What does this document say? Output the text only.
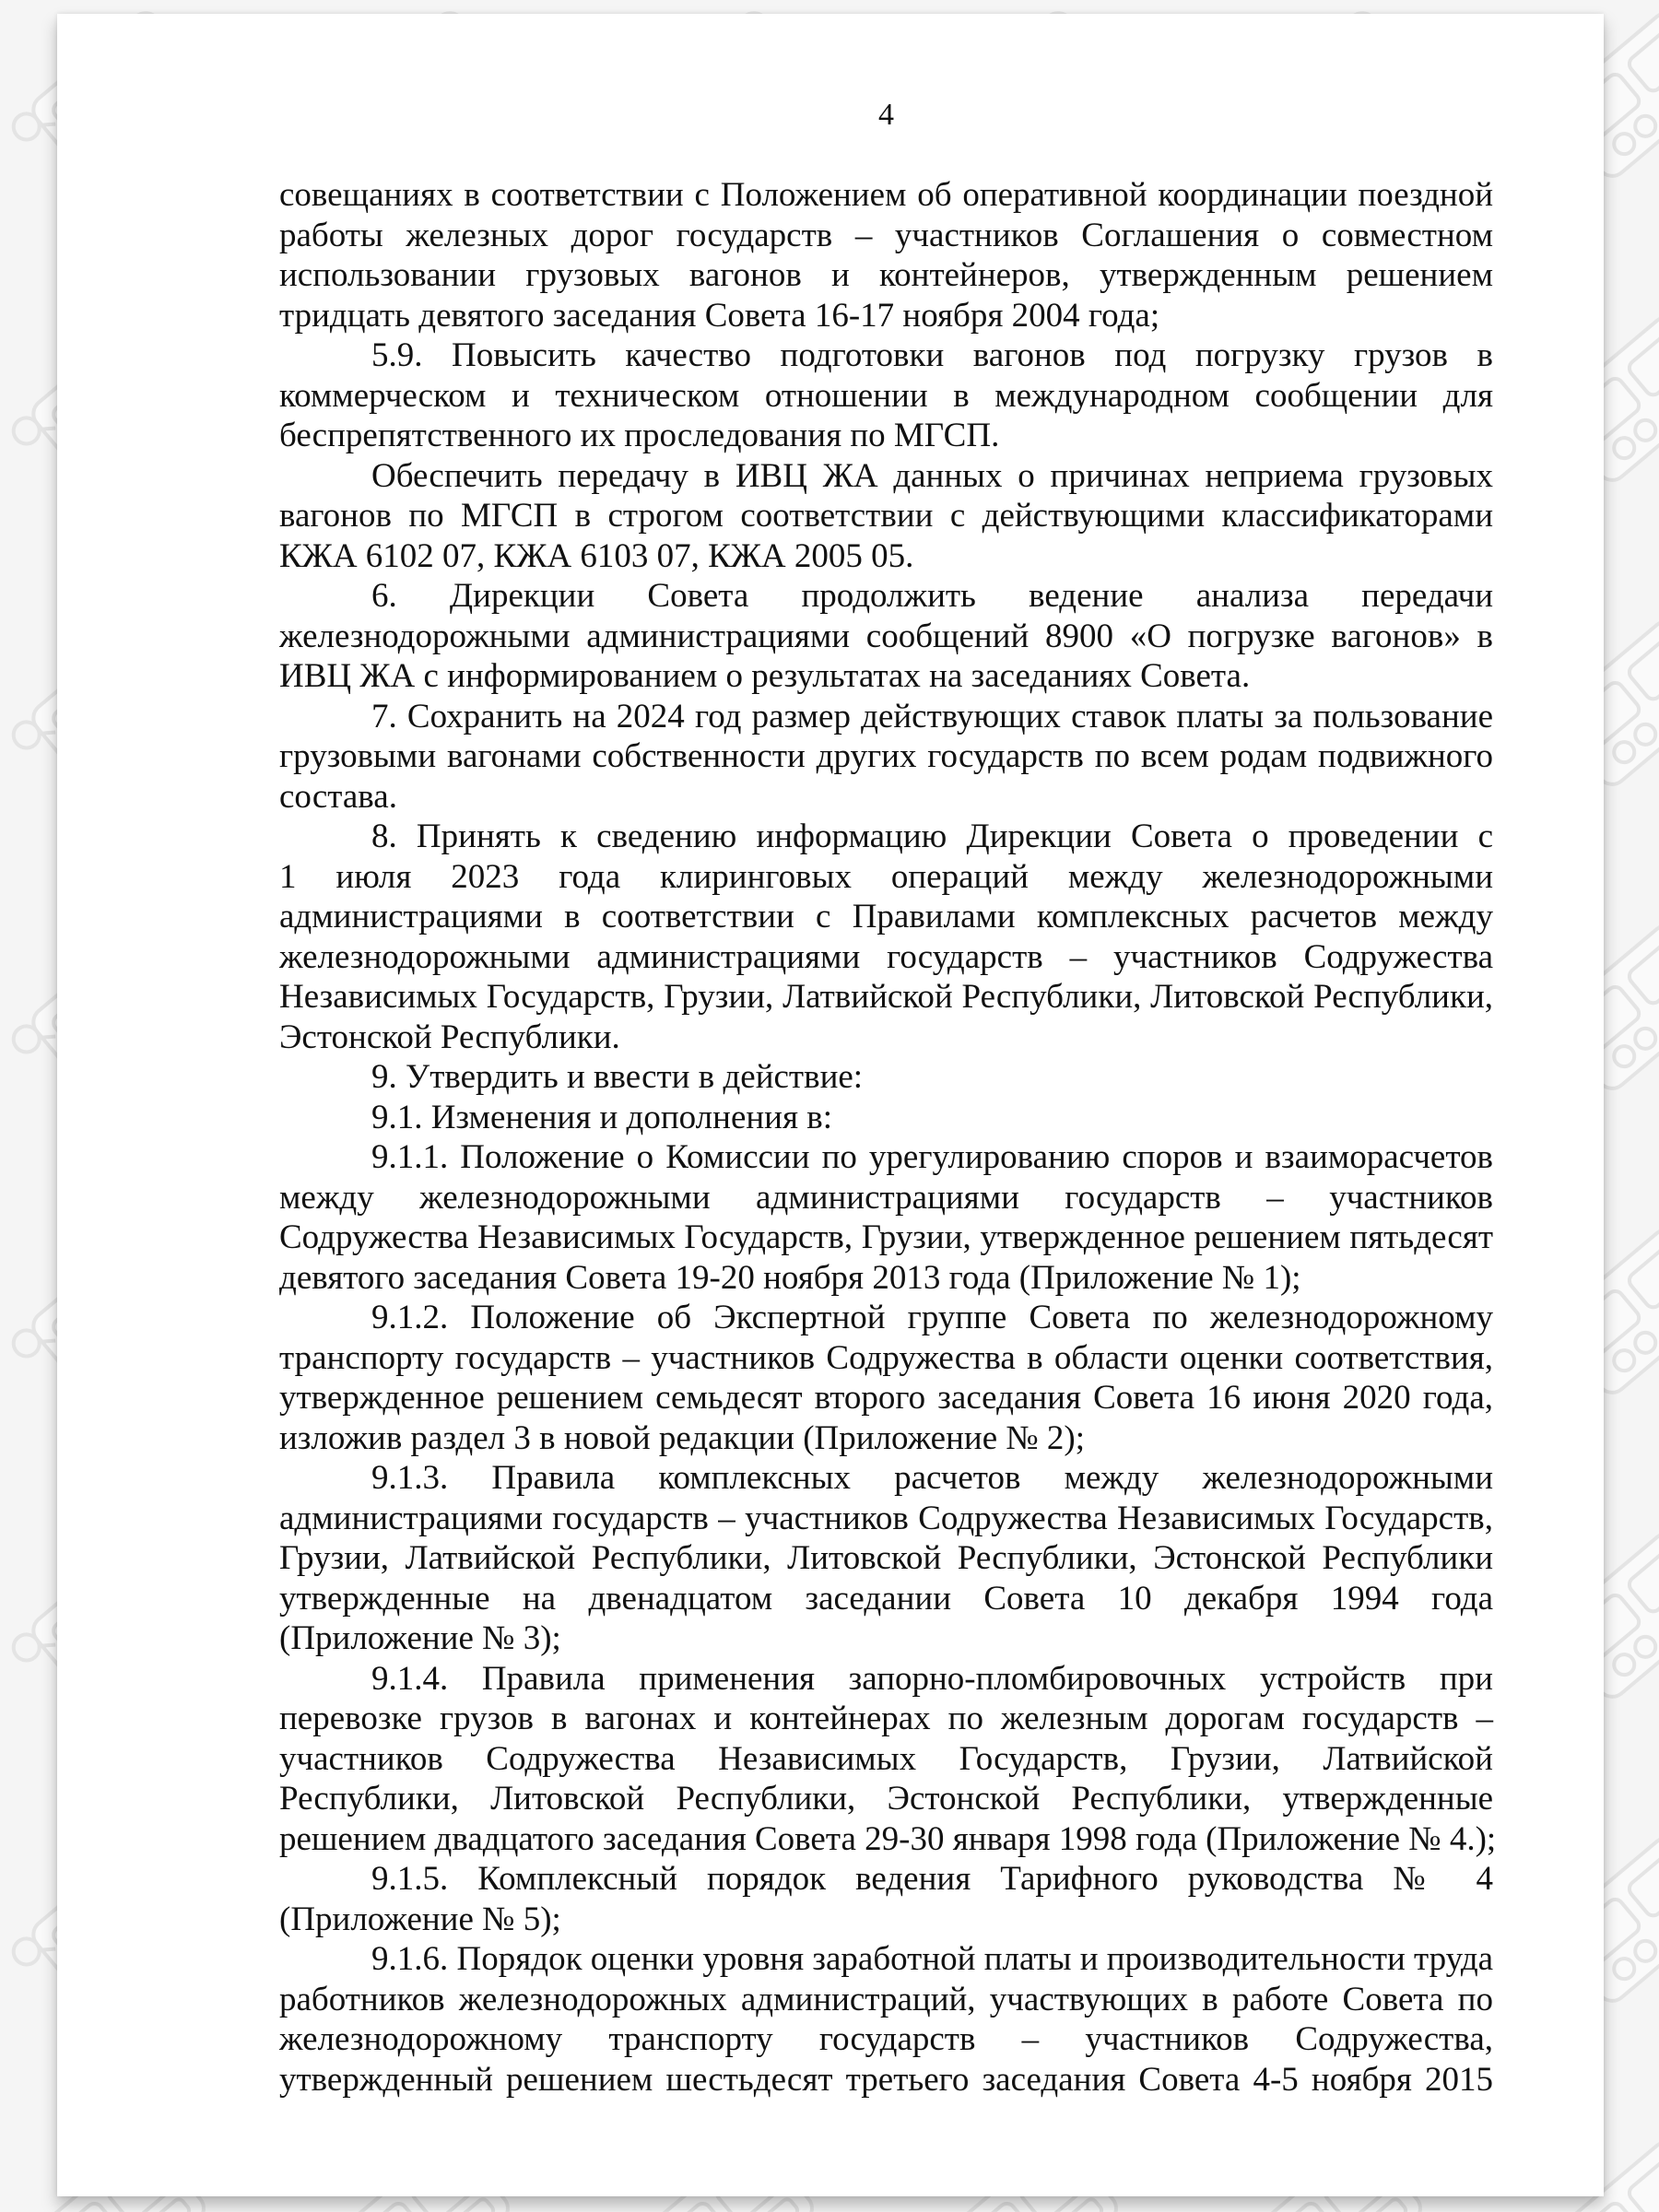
4
совещаниях в соответствии с Положением об оперативной координации поездной
работы железных дорог государств – участников Соглашения о совместном
использовании грузовых вагонов и контейнеров, утвержденным решением
тридцать девятого заседания Совета 16-17 ноября 2004 года;
5.9. Повысить качество подготовки вагонов под погрузку грузов в
коммерческом и техническом отношении в международном сообщении для
беспрепятственного их проследования по МГСП.
Обеспечить передачу в ИВЦ ЖА данных о причинах неприема грузовых
вагонов по МГСП в строгом соответствии с действующими классификаторами
КЖА 6102 07, КЖА 6103 07, КЖА 2005 05.
6. Дирекции Совета продолжить ведение анализа передачи
железнодорожными администрациями сообщений 8900 «О погрузке вагонов» в
ИВЦ ЖА с информированием о результатах на заседаниях Совета.
7. Сохранить на 2024 год размер действующих ставок платы за пользование
грузовыми вагонами собственности других государств по всем родам подвижного
состава.
8. Принять к сведению информацию Дирекции Совета о проведении с
1 июля 2023 года клиринговых операций между железнодорожными
администрациями в соответствии с Правилами комплексных расчетов между
железнодорожными администрациями государств – участников Содружества
Независимых Государств, Грузии, Латвийской Республики, Литовской Республики,
Эстонской Республики.
9. Утвердить и ввести в действие:
9.1. Изменения и дополнения в:
9.1.1. Положение о Комиссии по урегулированию споров и взаиморасчетов
между железнодорожными администрациями государств – участников
Содружества Независимых Государств, Грузии, утвержденное решением пятьдесят
девятого заседания Совета 19-20 ноября 2013 года (Приложение № 1);
9.1.2. Положение об Экспертной группе Совета по железнодорожному
транспорту государств – участников Содружества в области оценки соответствия,
утвержденное решением семьдесят второго заседания Совета 16 июня 2020 года,
изложив раздел 3 в новой редакции (Приложение № 2);
9.1.3. Правила комплексных расчетов между железнодорожными
администрациями государств – участников Содружества Независимых Государств,
Грузии, Латвийской Республики, Литовской Республики, Эстонской Республики
утвержденные на двенадцатом заседании Совета 10 декабря 1994 года
(Приложение № 3);
9.1.4. Правила применения запорно-пломбировочных устройств при
перевозке грузов в вагонах и контейнерах по железным дорогам государств –
участников Содружества Независимых Государств, Грузии, Латвийской
Республики, Литовской Республики, Эстонской Республики, утвержденные
решением двадцатого заседания Совета 29-30 января 1998 года (Приложение № 4.);
9.1.5. Комплексный порядок ведения Тарифного руководства № 4
(Приложение № 5);
9.1.6. Порядок оценки уровня заработной платы и производительности труда
работников железнодорожных администраций, участвующих в работе Совета по
железнодорожному транспорту государств – участников Содружества,
утвержденный решением шестьдесят третьего заседания Совета 4-5 ноября 2015
